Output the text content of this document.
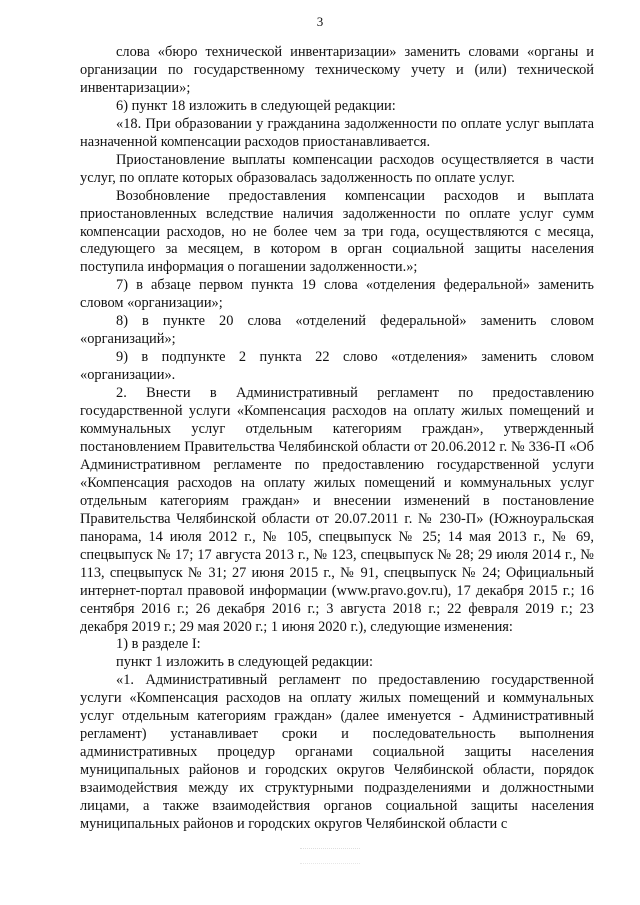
3

слова «бюро технической инвентаризации» заменить словами «органы и организации по государственному техническому учету и (или) технической инвентаризации»;

6) пункт 18 изложить в следующей редакции:

«18. При образовании у гражданина задолженности по оплате услуг выплата назначенной компенсации расходов приостанавливается.

Приостановление выплаты компенсации расходов осуществляется в части услуг, по оплате которых образовалась задолженность по оплате услуг.

Возобновление предоставления компенсации расходов и выплата приостановленных вследствие наличия задолженности по оплате услуг сумм компенсации расходов, но не более чем за три года, осуществляются с месяца, следующего за месяцем, в котором в орган социальной защиты населения поступила информация о погашении задолженности.»;

7) в абзаце первом пункта 19 слова «отделения федеральной» заменить словом «организации»;

8) в пункте 20 слова «отделений федеральной» заменить словом «организаций»;

9) в подпункте 2 пункта 22 слово «отделения» заменить словом «организации».

2. Внести в Административный регламент по предоставлению государственной услуги «Компенсация расходов на оплату жилых помещений и коммунальных услуг отдельным категориям граждан», утвержденный постановлением Правительства Челябинской области от 20.06.2012 г. № 336-П «Об Административном регламенте по предоставлению государственной услуги «Компенсация расходов на оплату жилых помещений и коммунальных услуг отдельным категориям граждан» и внесении изменений в постановление Правительства Челябинской области от 20.07.2011 г. № 230-П» (Южноуральская панорама, 14 июля 2012 г., № 105, спецвыпуск № 25; 14 мая 2013 г., № 69, спецвыпуск № 17; 17 августа 2013 г., № 123, спецвыпуск № 28; 29 июля 2014 г., № 113, спецвыпуск № 31; 27 июня 2015 г., № 91, спецвыпуск № 24; Официальный интернет-портал правовой информации (www.pravo.gov.ru), 17 декабря 2015 г.; 16 сентября 2016 г.; 26 декабря 2016 г.; 3 августа 2018 г.; 22 февраля 2019 г.; 23 декабря 2019 г.; 29 мая 2020 г.; 1 июня 2020 г.), следующие изменения:

1) в разделе I:

пункт 1 изложить в следующей редакции:

«1. Административный регламент по предоставлению государственной услуги «Компенсация расходов на оплату жилых помещений и коммунальных услуг отдельным категориям граждан» (далее именуется - Административный регламент) устанавливает сроки и последовательность выполнения административных процедур органами социальной защиты населения муниципальных районов и городских округов Челябинской области, порядок взаимодействия между их структурными подразделениями и должностными лицами, а также взаимодействия органов социальной защиты населения муниципальных районов и городских округов Челябинской области с
